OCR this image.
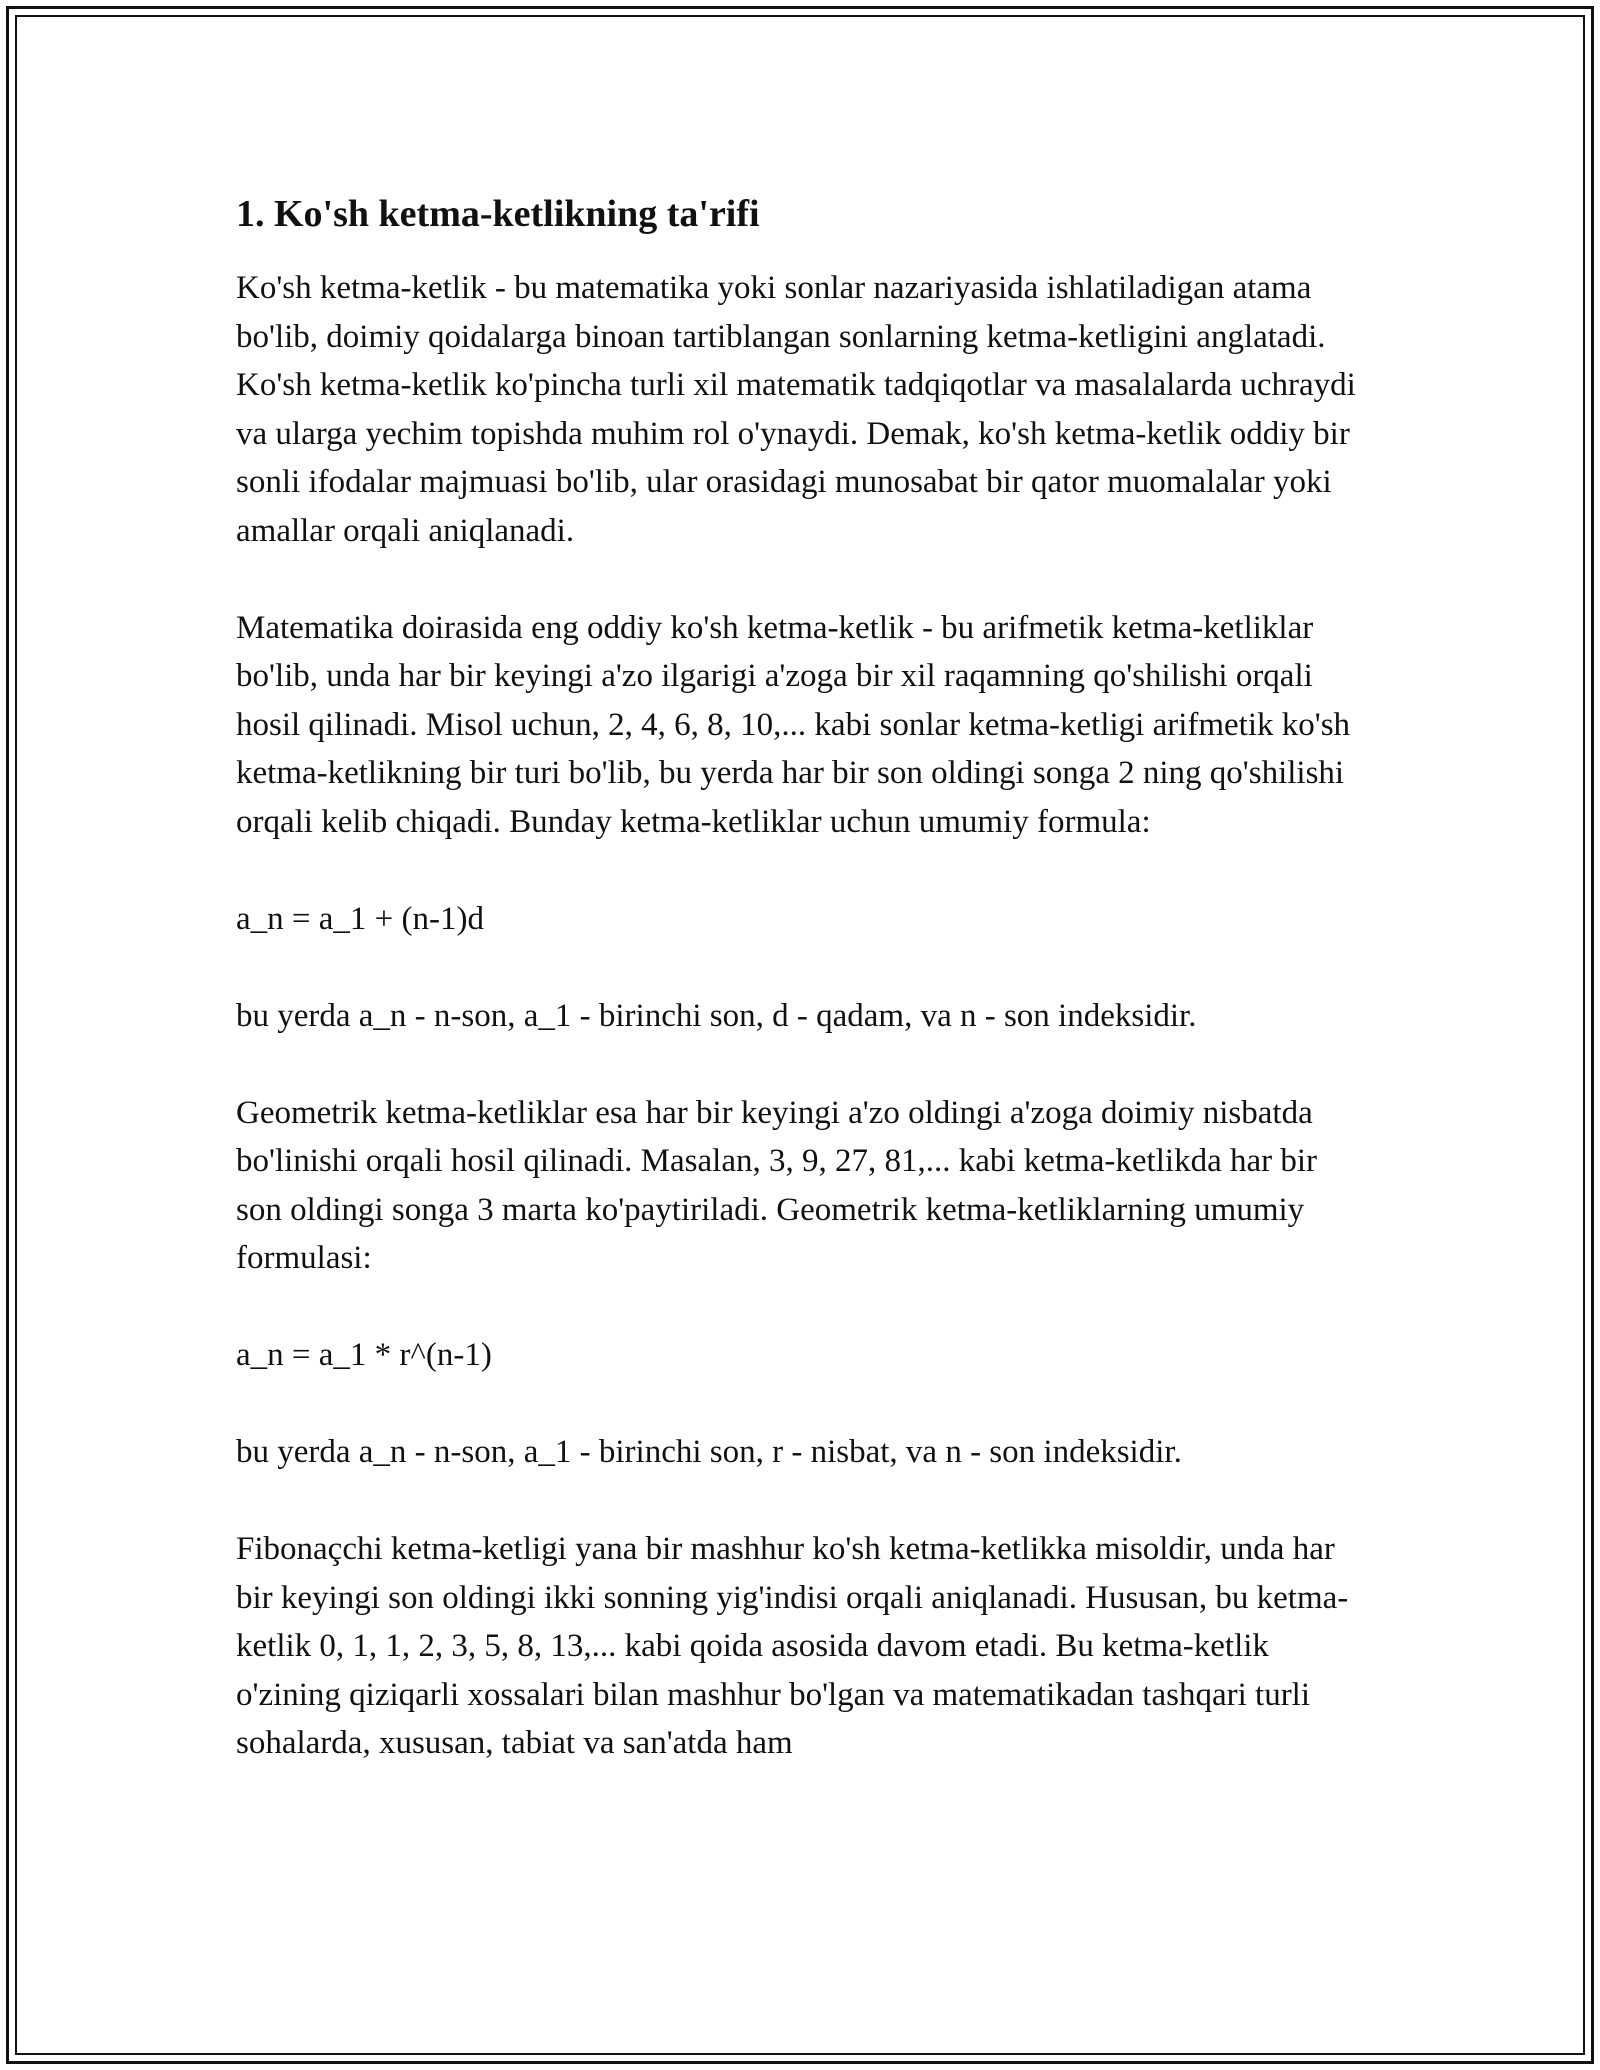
1. Ko'sh ketma-ketlikning ta'rifi

Ko'sh ketma-ketlik - bu matematika yoki sonlar nazariyasida ishlatiladigan atama bo'lib, doimiy qoidalarga binoan tartiblangan sonlarning ketma-ketligini anglatadi. Ko'sh ketma-ketlik ko'pincha turli xil matematik tadqiqotlar va masalalarda uchraydi va ularga yechim topishda muhim rol o'ynaydi. Demak, ko'sh ketma-ketlik oddiy bir sonli ifodalar majmuasi bo'lib, ular orasidagi munosabat bir qator muomalalar yoki amallar orqali aniqlanadi.

Matematika doirasida eng oddiy ko'sh ketma-ketlik - bu arifmetik ketma-ketliklar bo'lib, unda har bir keyingi a'zo ilgarigi a'zoga bir xil raqamning qo'shilishi orqali hosil qilinadi. Misol uchun, 2, 4, 6, 8, 10,... kabi sonlar ketma-ketligi arifmetik ko'sh ketma-ketlikning bir turi bo'lib, bu yerda har bir son oldingi songa 2 ning qo'shilishi orqali kelib chiqadi. Bunday ketma-ketliklar uchun umumiy formula:

a_n = a_1 + (n-1)d

bu yerda a_n - n-son, a_1 - birinchi son, d - qadam, va n - son indeksidir.

Geometrik ketma-ketliklar esa har bir keyingi a'zo oldingi a'zoga doimiy nisbatda bo'linishi orqali hosil qilinadi. Masalan, 3, 9, 27, 81,... kabi ketma-ketlikda har bir son oldingi songa 3 marta ko'paytiriladi. Geometrik ketma-ketliklarning umumiy formulasi:

a_n = a_1 * r^(n-1)

bu yerda a_n - n-son, a_1 - birinchi son, r - nisbat, va n - son indeksidir.

Fibonaçchi ketma-ketligi yana bir mashhur ko'sh ketma-ketlikka misoldir, unda har bir keyingi son oldingi ikki sonning yig'indisi orqali aniqlanadi. Hususan, bu ketma-ketlik 0, 1, 1, 2, 3, 5, 8, 13,... kabi qoida asosida davom etadi. Bu ketma-ketlik o'zining qiziqarli xossalari bilan mashhur bo'lgan va matematikadan tashqari turli sohalarda, xususan, tabiat va san'atda ham
